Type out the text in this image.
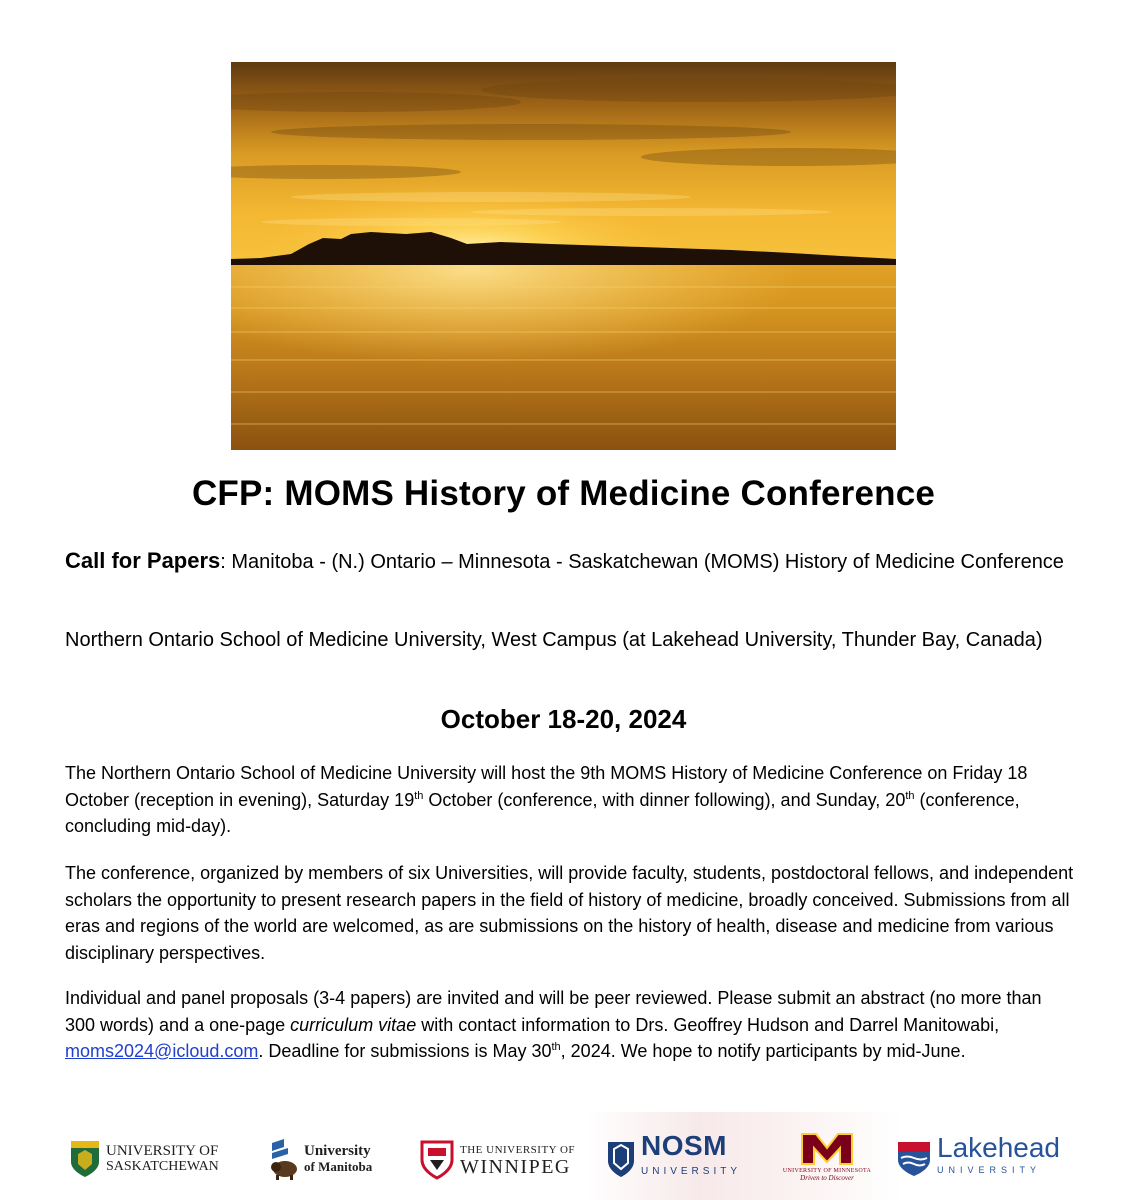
CFP: MOMS History of Medicine Conference

Call for Papers: Manitoba - (N.) Ontario – Minnesota - Saskatchewan (MOMS) History of Medicine Conference

Northern Ontario School of Medicine University, West Campus (at Lakehead University, Thunder Bay, Canada)

October 18-20, 2024

The Northern Ontario School of Medicine University will host the 9th MOMS History of Medicine Conference on Friday 18 October (reception in evening), Saturday 19th October (conference, with dinner following), and Sunday, 20th (conference, concluding mid-day).

The conference, organized by members of six Universities, will provide faculty, students, postdoctoral fellows, and independent scholars the opportunity to present research papers in the field of history of medicine, broadly conceived. Submissions from all eras and regions of the world are welcomed, as are submissions on the history of health, disease and medicine from various disciplinary perspectives.

Individual and panel proposals (3-4 papers) are invited and will be peer reviewed. Please submit an abstract (no more than 300 words) and a one-page curriculum vitae with contact information to Drs. Geoffrey Hudson and Darrel Manitowabi, moms2024@icloud.com. Deadline for submissions is May 30th, 2024. We hope to notify participants by mid-June.

UNIVERSITY OF
SASKATCHEWAN
University
of Manitoba
THE UNIVERSITY OF
WINNIPEG
NOSM
UNIVERSITY	UNIVERSITY OF MINNESOTA
Driven to Discover
Lakehead
UNIVERSITY
